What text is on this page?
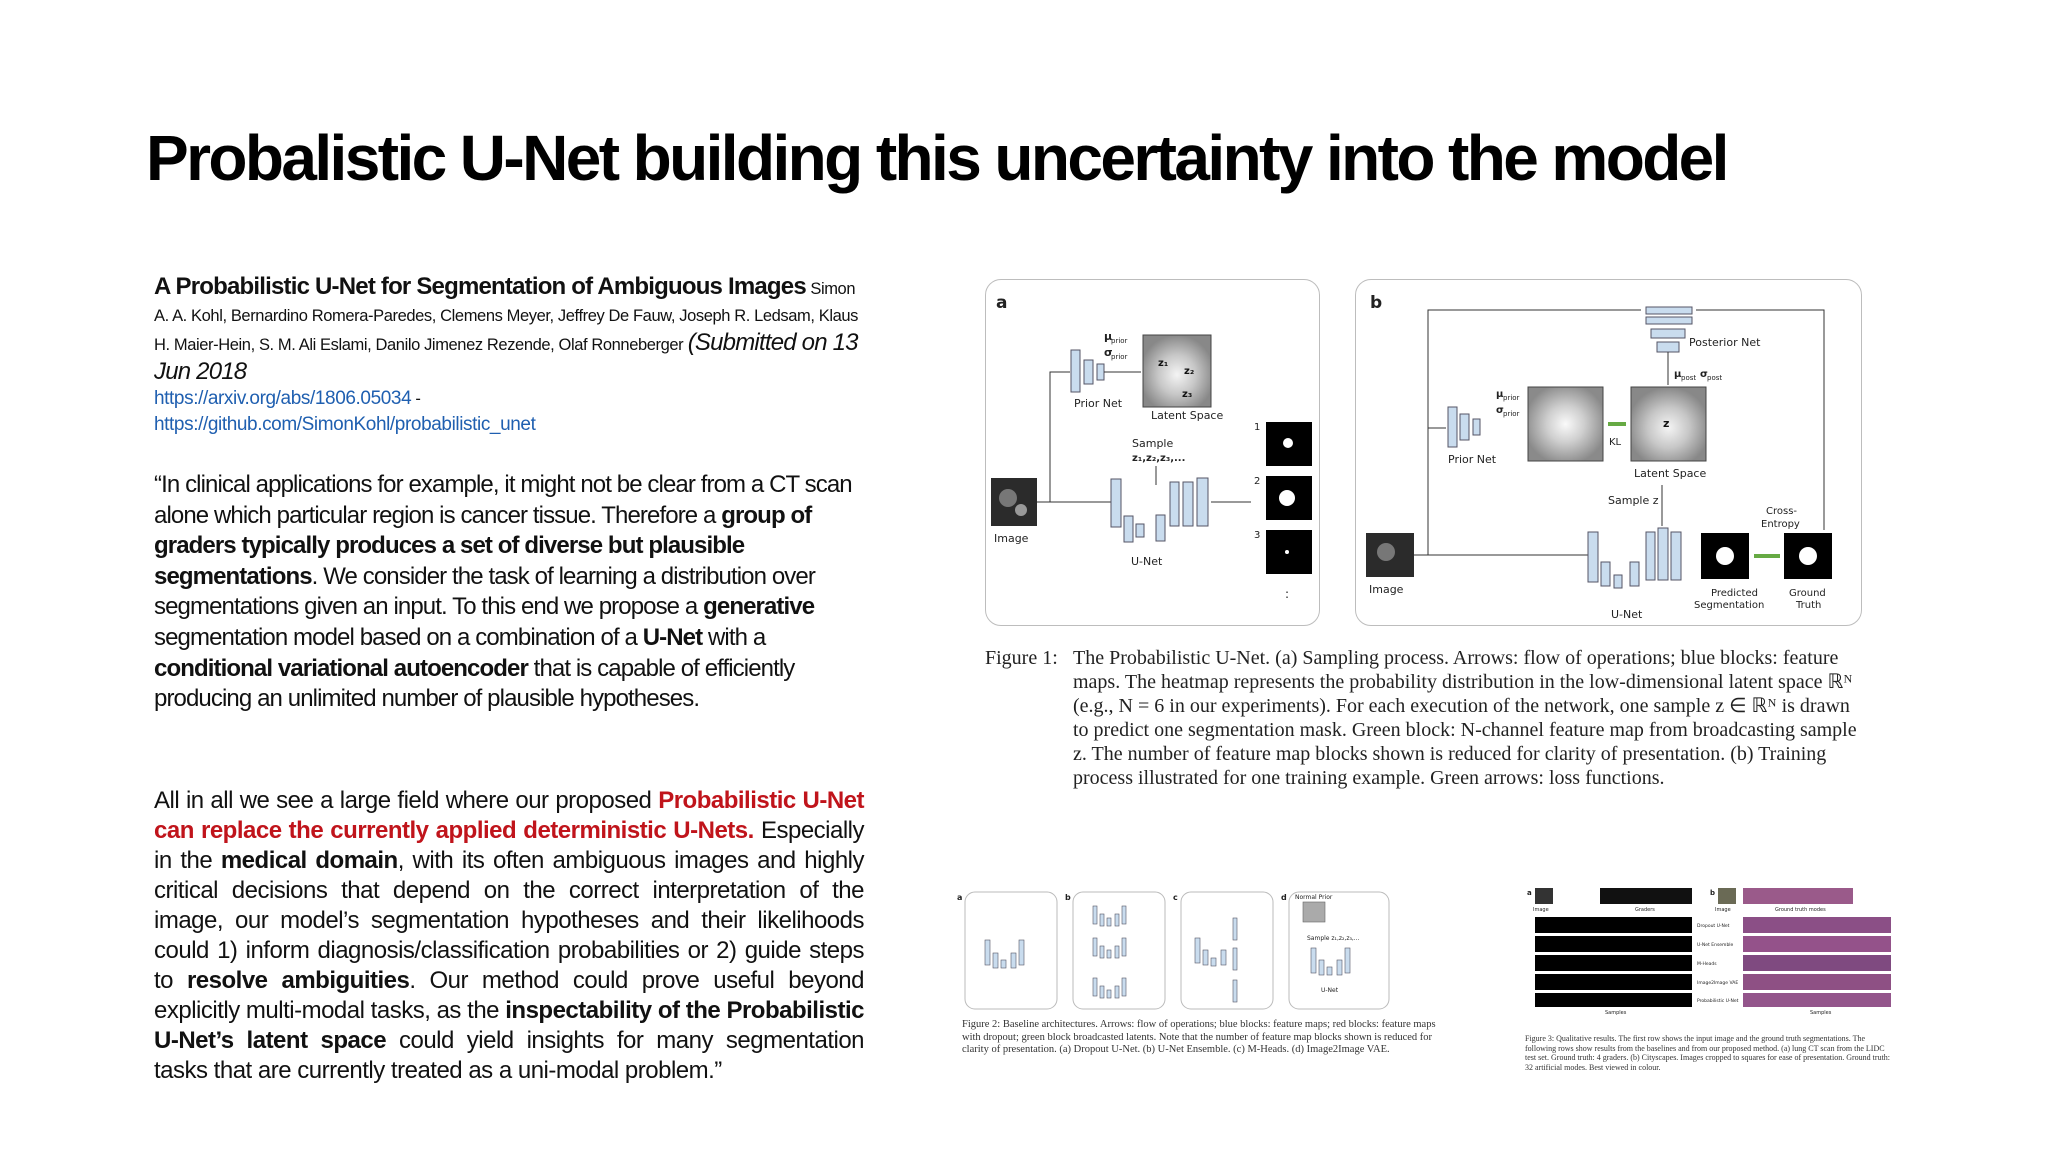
Probalistic U-Net building this uncertainty into the model
A Probabilistic U-Net for Segmentation of Ambiguous Images Simon A. A. Kohl, Bernardino Romera-Paredes, Clemens Meyer, Jeffrey De Fauw, Joseph R. Ledsam, Klaus H. Maier-Hein, S. M. Ali Eslami, Danilo Jimenez Rezende, Olaf Ronneberger (Submitted on 13 Jun 2018
https://arxiv.org/abs/1806.05034 -
https://github.com/SimonKohl/probabilistic_unet
“In clinical applications for example, it might not be clear from a CT scan alone which particular region is cancer tissue. Therefore a group of graders typically produces a set of diverse but plausible segmentations. We consider the task of learning a distribution over segmentations given an input. To this end we propose a generative segmentation model based on a combination of a U-Net with a conditional variational autoencoder that is capable of efficiently producing an unlimited number of plausible hypotheses.
All in all we see a large field where our proposed Probabilistic U-Net can replace the currently applied deterministic U-Nets. Especially in the medical domain, with its often ambiguous images and highly critical decisions that depend on the correct interpretation of the image, our model’s segmentation hypotheses and their likelihoods could 1) inform diagnosis/classification probabilities or 2) guide steps to resolve ambiguities. Our method could prove useful beyond explicitly multi-modal tasks, as the inspectability of the Probabilistic U-Net’s latent space could yield insights for many segmentation tasks that are currently treated as a uni-modal problem.”
a
Prior Net
μ
prior
σ
prior
z₁
z₂
z₃
Latent Space
Sample
z₁,z₂,z₃,...
Image
U-Net
1
2
3
:
b
Posterior Net
μ post σ post
z
KL
Latent Space
μ prior
σ prior
Prior Net
Sample z
Image
U-Net
Predicted
Segmentation
Ground
Truth
Cross-
Entropy
Figure 1: The Probabilistic U-Net. (a) Sampling process. Arrows: flow of operations; blue blocks: feature maps. The heatmap represents the probability distribution in the low-dimensional latent space ℝᴺ (e.g., N = 6 in our experiments). For each execution of the network, one sample z ∈ ℝᴺ is drawn to predict one segmentation mask. Green block: N-channel feature map from broadcasting sample z. The number of feature map blocks shown is reduced for clarity of presentation. (b) Training process illustrated for one training example. Green arrows: loss functions.
a	b	c	d Normal Prior
Sample z₁,z₂,z₃,...
U-Net
Figure 2: Baseline architectures. Arrows: flow of operations; blue blocks: feature maps; red blocks: feature maps with dropout; green block broadcasted latents. Note that the number of feature map blocks shown is reduced for clarity of presentation. (a) Dropout U-Net. (b) U-Net Ensemble. (c) M-Heads. (d) Image2Image VAE.
a	b
Image	Graders	Image	Ground truth modes
Dropout U-Net
U-Net Ensemble
M-Heads
Image2Image VAE
Probabilistic U-Net
Samples	Samples
Figure 3: Qualitative results. The first row shows the input image and the ground truth segmentations. The following rows show results from the baselines and from our proposed method. (a) lung CT scan from the LIDC test set. Ground truth: 4 graders. (b) Cityscapes. Images cropped to squares for ease of presentation. Ground truth: 32 artificial modes. Best viewed in colour.
